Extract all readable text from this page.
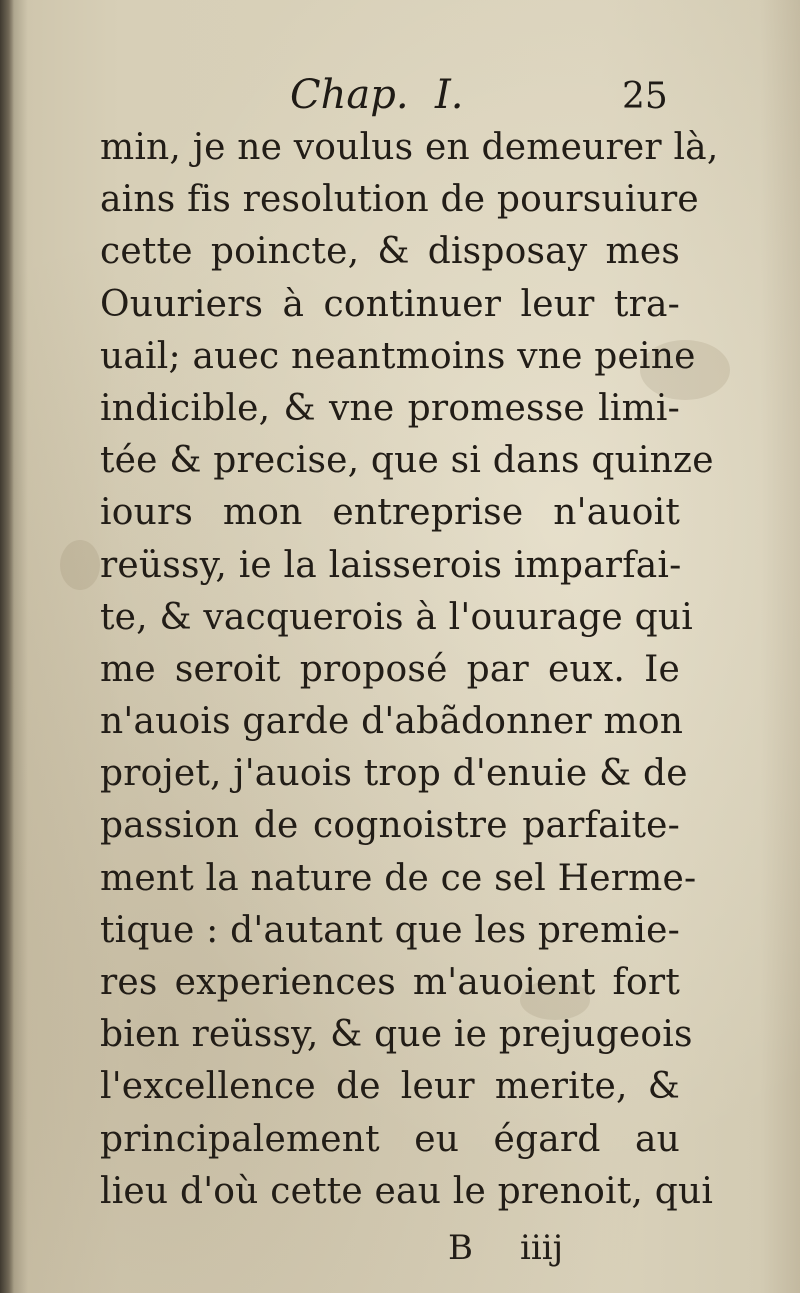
Chap. I.	25
min, je ne voulus en demeurer là,
ains fis resolution de poursuiure
cette poincte, & disposay mes
Ouuriers à continuer leur tra-
uail; auec neantmoins vne peine
indicible, & vne promesse limi-
tée & precise, que si dans quinze
iours mon entreprise n'auoit
reüssy, ie la laisserois imparfai-
te, & vacquerois à l'ouurage qui
me seroit proposé par eux. Ie
n'auois garde d'abãdonner mon
projet, j'auois trop d'enuie & de
passion de cognoistre parfaite-
ment la nature de ce sel Herme-
tique : d'autant que les premie-
res experiences m'auoient fort
bien reüssy, & que ie prejugeois
l'excellence de leur merite, &
principalement eu égard au
lieu d'où cette eau le prenoit, qui
B iiij
